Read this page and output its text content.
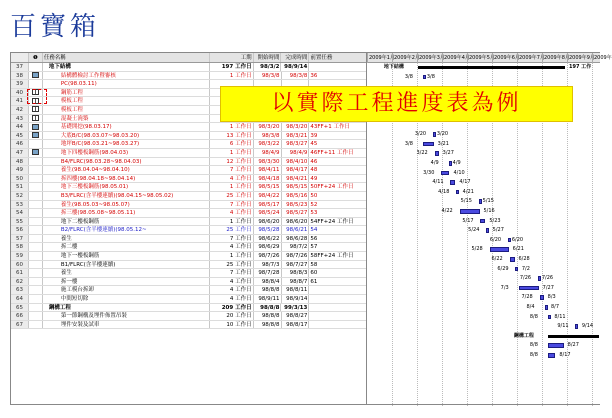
百寶箱
❶	任務名稱	工期	開始時間	完成時間 前置任務
37	地下結構	197 工作日	98/3/2 98/9/14
38	結構體檢討工作暨審核	1 工作日	98/3/8	98/3/8 36
39	PC(98.03.11)
40	鋼筋工程
41	模板工程
42	模板工程
43	混凝土澆築
44	基礎開挖(98.03.17)	1 工作日	98/3/20	98/3/20 43FF+1 工作日
45	大底B/C(98.03.07~98.03.20)	13 工作日	98/3/8	98/3/21 39
46	地坪B/C(98.03.21~98.03.27)	6 工作日	98/3/22	98/3/27 45
47	地下四樓板鋼筋(98.04.03)	1 工作日	98/4/9	98/4/9 46FF+11 工作日
48	B4/FLRC(98.03.28~98.04.03)	12 工作日	98/3/30	98/4/10 46
49	養生(98.04.04~98.04.10)	7 工作日	98/4/11	98/4/17 48
50	拆四樓(98.04.18~98.04.14)	4 工作日	98/4/18	98/4/21 49
51	地下三樓板鋼筋(98.05.01)	1 工作日	98/5/15	98/5/15 50FF+24 工作日
52	B3/FLRC(含半樓連續)(98.04.15~98.05.02)	25 工作日	98/4/22	98/5/16 50
53	養生(98.05.03~98.05.07)	7 工作日	98/5/17	98/5/23 52
54	拆三樓(98.05.08~98.05.11)	4 工作日	98/5/24	98/5/27 53
55	地下二樓板鋼筋	1 工作日	98/6/20	98/6/20 54FF+24 工作日
56	B2/FLRC(含半樓連續)(98.05.12~	25 工作日	98/5/28	98/6/21 54
57	養生	7 工作日	98/6/22	98/6/28 56
58	拆二樓	4 工作日	98/6/29	98/7/2 57
59	地下一樓板鋼筋	1 工作日	98/7/26	98/7/26 58FF+24 工作日
60	B1/FLRC(含半樓連續)	25 工作日	98/7/3	98/7/27 58
61	養生	7 工作日	98/7/28	98/8/3 60
62	拆一樓	4 工作日	98/8/4	98/8/7 61
63	施工模台拆卸	4 工作日	98/8/8	98/8/11
64	中間短切除	4 工作日	98/9/11	98/9/14
65	鋼構工程	209 工作日	98/8/8 99/3/13
66	第一節鋼構及埋件佈置吊裝	20 工作日	98/8/8	98/8/27
67	埋件安裝及試車	10 工作日	98/8/8	98/8/17
2009年1月 2009年2月 2009年3月 2009年4月 2009年5月 2009年6月 2009年7月 2009年8月 2009年9月 2009年
地下結構	197 工作
3/8	3/8
3/20 3/20
3/8	3/21
3/22	3/27
4/9	4/9
3/30	4/10
4/11	4/17
4/18	4/21
5/15 5/15
4/22	5/16
5/17	5/23
5/24	5/27
6/20 6/20
5/28	6/21
6/22	6/28
6/29	7/2
7/26 7/26
7/3	7/27
7/28	8/3
8/4	8/7
8/8	8/11
9/11	9/14
鋼構工程
8/8	8/27
8/8	8/17
以實際工程進度表為例
